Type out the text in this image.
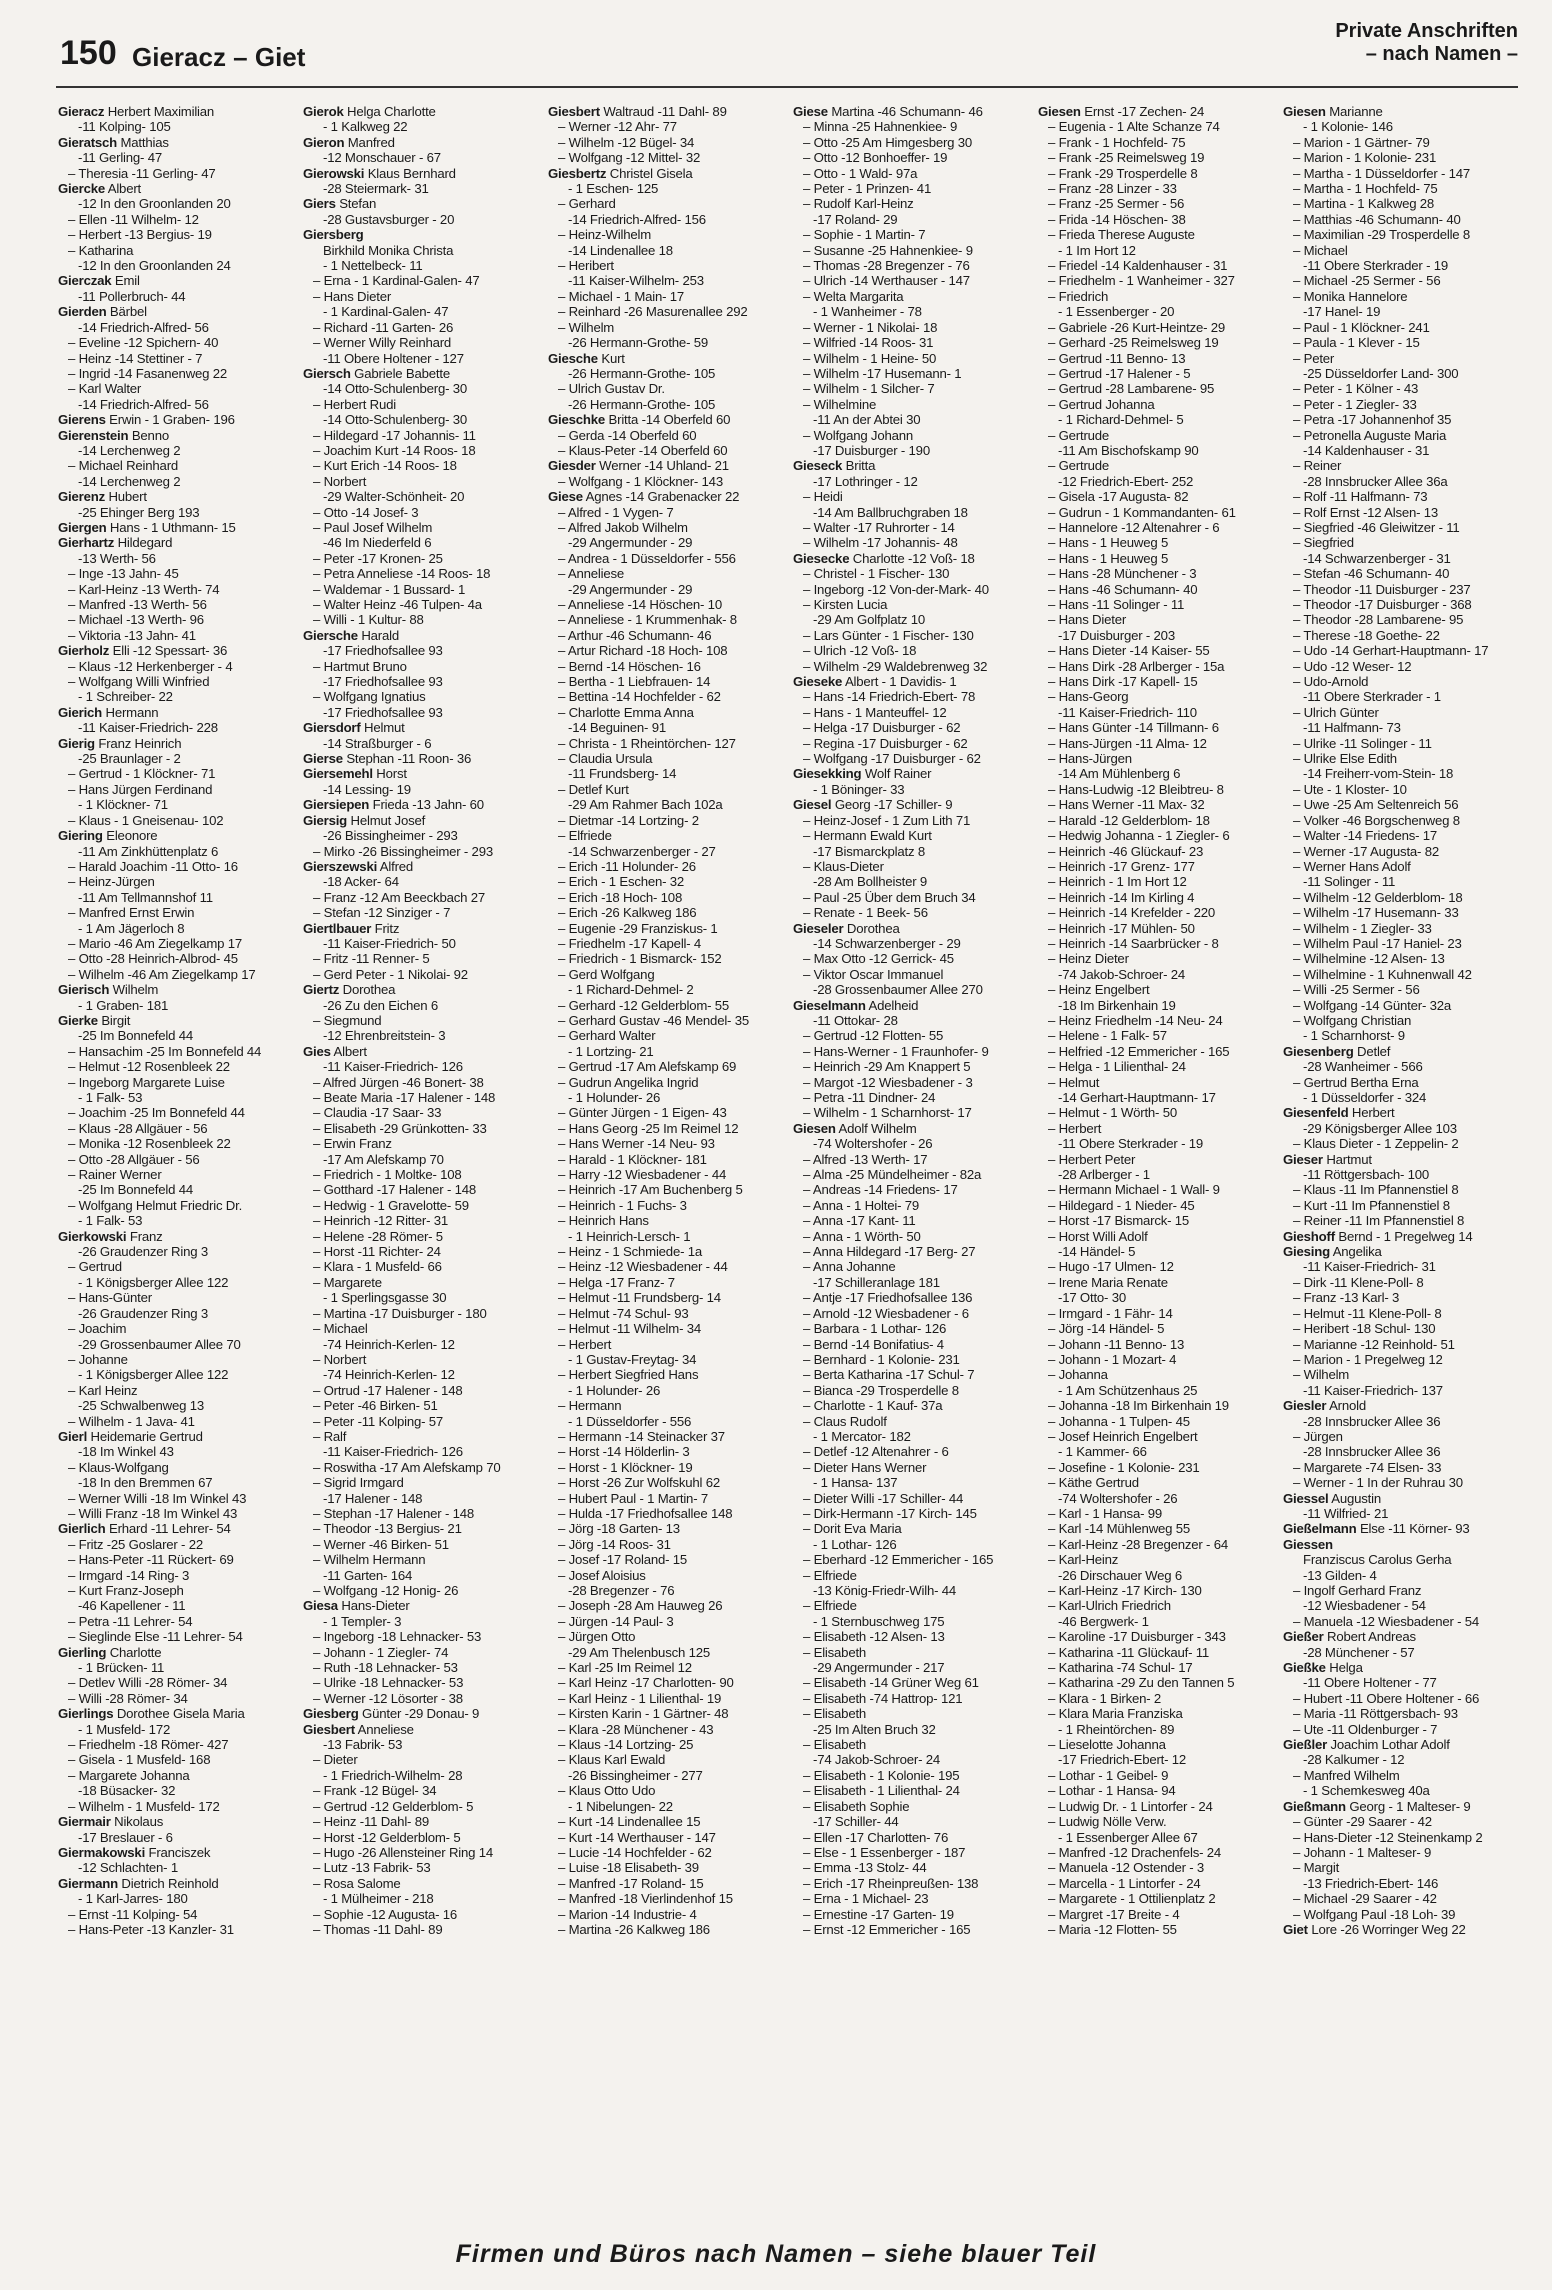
150 Gieracz – Giet
Private Anschriften
– nach Namen –
Gieracz Herbert Maximilian
-11 Kolping- 105
Gieratsch Matthias
-11 Gerling- 47
– Theresia -11 Gerling- 47
Giercke Albert
-12 In den Groonlanden 20
– Ellen -11 Wilhelm- 12
– Herbert -13 Bergius- 19
– Katharina
-12 In den Groonlanden 24
Gierczak Emil
-11 Pollerbruch- 44
Gierden Bärbel
-14 Friedrich-Alfred- 56
– Eveline -12 Spichern- 40
– Heinz -14 Stettiner - 7
– Ingrid -14 Fasanenweg 22
– Karl Walter
-14 Friedrich-Alfred- 56
Gierens Erwin - 1 Graben- 196
Gierenstein Benno
-14 Lerchenweg 2
– Michael Reinhard
-14 Lerchenweg 2
Gierenz Hubert
-25 Ehinger Berg 193
Giergen Hans - 1 Uthmann- 15
Gierhartz Hildegard
-13 Werth- 56
– Inge -13 Jahn- 45
– Karl-Heinz -13 Werth- 74
– Manfred -13 Werth- 56
– Michael -13 Werth- 96
– Viktoria -13 Jahn- 41
Gierholz Elli -12 Spessart- 36
– Klaus -12 Herkenberger - 4
– Wolfgang Willi Winfried
- 1 Schreiber- 22
Gierich Hermann
-11 Kaiser-Friedrich- 228
Gierig Franz Heinrich
-25 Braunlager - 2
– Gertrud - 1 Klöckner- 71
– Hans Jürgen Ferdinand
- 1 Klöckner- 71
– Klaus - 1 Gneisenau- 102
Giering Eleonore
-11 Am Zinkhüttenplatz 6
– Harald Joachim -11 Otto- 16
– Heinz-Jürgen
-11 Am Tellmannshof 11
– Manfred Ernst Erwin
- 1 Am Jägerloch 8
– Mario -46 Am Ziegelkamp 17
– Otto -28 Heinrich-Albrod- 45
– Wilhelm -46 Am Ziegelkamp 17
Gierisch Wilhelm
- 1 Graben- 181
Gierke Birgit
-25 Im Bonnefeld 44
– Hansachim -25 Im Bonnefeld 44
– Helmut -12 Rosenbleek 22
– Ingeborg Margarete Luise
- 1 Falk- 53
– Joachim -25 Im Bonnefeld 44
– Klaus -28 Allgäuer - 56
– Monika -12 Rosenbleek 22
– Otto -28 Allgäuer - 56
– Rainer Werner
-25 Im Bonnefeld 44
– Wolfgang Helmut Friedric Dr.
- 1 Falk- 53
Gierkowski Franz
-26 Graudenzer Ring 3
– Gertrud
- 1 Königsberger Allee 122
– Hans-Günter
-26 Graudenzer Ring 3
– Joachim
-29 Grossenbaumer Allee 70
– Johanne
- 1 Königsberger Allee 122
– Karl Heinz
-25 Schwalbenweg 13
– Wilhelm - 1 Java- 41
Gierl Heidemarie Gertrud
-18 Im Winkel 43
– Klaus-Wolfgang
-18 In den Bremmen 67
– Werner Willi -18 Im Winkel 43
– Willi Franz -18 Im Winkel 43
Gierlich Erhard -11 Lehrer- 54
– Fritz -25 Goslarer - 22
– Hans-Peter -11 Rückert- 69
– Irmgard -14 Ring- 3
– Kurt Franz-Joseph
-46 Kapellener - 11
– Petra -11 Lehrer- 54
– Sieglinde Else -11 Lehrer- 54
Gierling Charlotte
- 1 Brücken- 11
– Detlev Willi -28 Römer- 34
– Willi -28 Römer- 34
Gierlings Dorothee Gisela Maria
- 1 Musfeld- 172
– Friedhelm -18 Römer- 427
– Gisela - 1 Musfeld- 168
– Margarete Johanna
-18 Büsacker- 32
– Wilhelm - 1 Musfeld- 172
Giermair Nikolaus
-17 Breslauer - 6
Giermakowski Franciszek
-12 Schlachten- 1
Giermann Dietrich Reinhold
- 1 Karl-Jarres- 180
– Ernst -11 Kolping- 54
– Hans-Peter -13 Kanzler- 31
Gierok Helga Charlotte
- 1 Kalkweg 22
Gieron Manfred
-12 Monschauer - 67
Gierowski Klaus Bernhard
-28 Steiermark- 31
Giers Stefan
-28 Gustavsburger - 20
Giersberg
Birkhild Monika Christa
- 1 Nettelbeck- 11
– Erna - 1 Kardinal-Galen- 47
– Hans Dieter
- 1 Kardinal-Galen- 47
– Richard -11 Garten- 26
– Werner Willy Reinhard
-11 Obere Holtener - 127
Giersch Gabriele Babette
-14 Otto-Schulenberg- 30
– Herbert Rudi
-14 Otto-Schulenberg- 30
– Hildegard -17 Johannis- 11
– Joachim Kurt -14 Roos- 18
– Kurt Erich -14 Roos- 18
– Norbert
-29 Walter-Schönheit- 20
– Otto -14 Josef- 3
– Paul Josef Wilhelm
-46 Im Niederfeld 6
– Peter -17 Kronen- 25
– Petra Anneliese -14 Roos- 18
– Waldemar - 1 Bussard- 1
– Walter Heinz -46 Tulpen- 4a
– Willi - 1 Kultur- 88
Giersche Harald
-17 Friedhofsallee 93
– Hartmut Bruno
-17 Friedhofsallee 93
– Wolfgang Ignatius
-17 Friedhofsallee 93
Giersdorf Helmut
-14 Straßburger - 6
Gierse Stephan -11 Roon- 36
Giersemehl Horst
-14 Lessing- 19
Giersiepen Frieda -13 Jahn- 60
Giersig Helmut Josef
-26 Bissingheimer - 293
– Mirko -26 Bissingheimer - 293
Gierszewski Alfred
-18 Acker- 64
– Franz -12 Am Beeckbach 27
– Stefan -12 Sinziger - 7
Giertlbauer Fritz
-11 Kaiser-Friedrich- 50
– Fritz -11 Renner- 5
– Gerd Peter - 1 Nikolai- 92
Giertz Dorothea
-26 Zu den Eichen 6
– Siegmund
-12 Ehrenbreitstein- 3
Gies Albert
-11 Kaiser-Friedrich- 126
– Alfred Jürgen -46 Bonert- 38
– Beate Maria -17 Halener - 148
– Claudia -17 Saar- 33
– Elisabeth -29 Grünkotten- 33
– Erwin Franz
-17 Am Alefskamp 70
– Friedrich - 1 Moltke- 108
– Gotthard -17 Halener - 148
– Hedwig - 1 Gravelotte- 59
– Heinrich -12 Ritter- 31
– Helene -28 Römer- 5
– Horst -11 Richter- 24
– Klara - 1 Musfeld- 66
– Margarete
- 1 Sperlingsgasse 30
– Martina -17 Duisburger - 180
– Michael
-74 Heinrich-Kerlen- 12
– Norbert
-74 Heinrich-Kerlen- 12
– Ortrud -17 Halener - 148
– Peter -46 Birken- 51
– Peter -11 Kolping- 57
– Ralf
-11 Kaiser-Friedrich- 126
– Roswitha -17 Am Alefskamp 70
– Sigrid Irmgard
-17 Halener - 148
– Stephan -17 Halener - 148
– Theodor -13 Bergius- 21
– Werner -46 Birken- 51
– Wilhelm Hermann
-11 Garten- 164
– Wolfgang -12 Honig- 26
Giesa Hans-Dieter
- 1 Templer- 3
– Ingeborg -18 Lehnacker- 53
– Johann - 1 Ziegler- 74
– Ruth -18 Lehnacker- 53
– Ulrike -18 Lehnacker- 53
– Werner -12 Lösorter - 38
Giesberg Günter -29 Donau- 9
Giesbert Anneliese
-13 Fabrik- 53
– Dieter
- 1 Friedrich-Wilhelm- 28
– Frank -12 Bügel- 34
– Gertrud -12 Gelderblom- 5
– Heinz -11 Dahl- 89
– Horst -12 Gelderblom- 5
– Hugo -26 Allensteiner Ring 14
– Lutz -13 Fabrik- 53
– Rosa Salome
- 1 Mülheimer - 218
– Sophie -12 Augusta- 16
– Thomas -11 Dahl- 89
Giesbert Waltraud -11 Dahl- 89
– Werner -12 Ahr- 77
– Wilhelm -12 Bügel- 34
– Wolfgang -12 Mittel- 32
Giesbertz Christel Gisela
- 1 Eschen- 125
– Gerhard
-14 Friedrich-Alfred- 156
– Heinz-Wilhelm
-14 Lindenallee 18
– Heribert
-11 Kaiser-Wilhelm- 253
– Michael - 1 Main- 17
– Reinhard -26 Masurenallee 292
– Wilhelm
-26 Hermann-Grothe- 59
Giesche Kurt
-26 Hermann-Grothe- 105
– Ulrich Gustav Dr.
-26 Hermann-Grothe- 105
Gieschke Britta -14 Oberfeld 60
– Gerda -14 Oberfeld 60
– Klaus-Peter -14 Oberfeld 60
Giesder Werner -14 Uhland- 21
– Wolfgang - 1 Klöckner- 143
Giese Agnes -14 Grabenacker 22
– Alfred - 1 Vygen- 7
– Alfred Jakob Wilhelm
-29 Angermunder - 29
– Andrea - 1 Düsseldorfer - 556
– Anneliese
-29 Angermunder - 29
– Anneliese -14 Höschen- 10
– Anneliese - 1 Krummenhak- 8
– Arthur -46 Schumann- 46
– Artur Richard -18 Hoch- 108
– Bernd -14 Höschen- 16
– Bertha - 1 Liebfrauen- 14
– Bettina -14 Hochfelder - 62
– Charlotte Emma Anna
-14 Beguinen- 91
– Christa - 1 Rheintörchen- 127
– Claudia Ursula
-11 Frundsberg- 14
– Detlef Kurt
-29 Am Rahmer Bach 102a
– Dietmar -14 Lortzing- 2
– Elfriede
-14 Schwarzenberger - 27
– Erich -11 Holunder- 26
– Erich - 1 Eschen- 32
– Erich -18 Hoch- 108
– Erich -26 Kalkweg 186
– Eugenie -29 Franziskus- 1
– Friedhelm -17 Kapell- 4
– Friedrich - 1 Bismarck- 152
– Gerd Wolfgang
- 1 Richard-Dehmel- 2
– Gerhard -12 Gelderblom- 55
– Gerhard Gustav -46 Mendel- 35
– Gerhard Walter
- 1 Lortzing- 21
– Gertrud -17 Am Alefskamp 69
– Gudrun Angelika Ingrid
- 1 Holunder- 26
– Günter Jürgen - 1 Eigen- 43
– Hans Georg -25 Im Reimel 12
– Hans Werner -14 Neu- 93
– Harald - 1 Klöckner- 181
– Harry -12 Wiesbadener - 44
– Heinrich -17 Am Buchenberg 5
– Heinrich - 1 Fuchs- 3
– Heinrich Hans
- 1 Heinrich-Lersch- 1
– Heinz - 1 Schmiede- 1a
– Heinz -12 Wiesbadener - 44
– Helga -17 Franz- 7
– Helmut -11 Frundsberg- 14
– Helmut -74 Schul- 93
– Helmut -11 Wilhelm- 34
– Herbert
- 1 Gustav-Freytag- 34
– Herbert Siegfried Hans
- 1 Holunder- 26
– Hermann
- 1 Düsseldorfer - 556
– Hermann -14 Steinacker 37
– Horst -14 Hölderlin- 3
– Horst - 1 Klöckner- 19
– Horst -26 Zur Wolfskuhl 62
– Hubert Paul - 1 Martin- 7
– Hulda -17 Friedhofsallee 148
– Jörg -18 Garten- 13
– Jörg -14 Roos- 31
– Josef -17 Roland- 15
– Josef Aloisius
-28 Bregenzer - 76
– Joseph -28 Am Hauweg 26
– Jürgen -14 Paul- 3
– Jürgen Otto
-29 Am Thelenbusch 125
– Karl -25 Im Reimel 12
– Karl Heinz -17 Charlotten- 90
– Karl Heinz - 1 Lilienthal- 19
– Kirsten Karin - 1 Gärtner- 48
– Klara -28 Münchener - 43
– Klaus -14 Lortzing- 25
– Klaus Karl Ewald
-26 Bissingheimer - 277
– Klaus Otto Udo
- 1 Nibelungen- 22
– Kurt -14 Lindenallee 15
– Kurt -14 Werthauser - 147
– Lucie -14 Hochfelder - 62
– Luise -18 Elisabeth- 39
– Manfred -17 Roland- 15
– Manfred -18 Vierlindenhof 15
– Marion -14 Industrie- 4
– Martina -26 Kalkweg 186
Giese Martina -46 Schumann- 46
– Minna -25 Hahnenkiee- 9
– Otto -25 Am Himgesberg 30
– Otto -12 Bonhoeffer- 19
– Otto - 1 Wald- 97a
– Peter - 1 Prinzen- 41
– Rudolf Karl-Heinz
-17 Roland- 29
– Sophie - 1 Martin- 7
– Susanne -25 Hahnenkiee- 9
– Thomas -28 Bregenzer - 76
– Ulrich -14 Werthauser - 147
– Welta Margarita
- 1 Wanheimer - 78
– Werner - 1 Nikolai- 18
– Wilfried -14 Roos- 31
– Wilhelm - 1 Heine- 50
– Wilhelm -17 Husemann- 1
– Wilhelm - 1 Silcher- 7
– Wilhelmine
-11 An der Abtei 30
– Wolfgang Johann
-17 Duisburger - 190
Gieseck Britta
-17 Lothringer - 12
– Heidi
-14 Am Ballbruchgraben 18
– Walter -17 Ruhrorter - 14
– Wilhelm -17 Johannis- 48
Giesecke Charlotte -12 Voß- 18
– Christel - 1 Fischer- 130
– Ingeborg -12 Von-der-Mark- 40
– Kirsten Lucia
-29 Am Golfplatz 10
– Lars Günter - 1 Fischer- 130
– Ulrich -12 Voß- 18
– Wilhelm -29 Waldebrenweg 32
Gieseke Albert - 1 Davidis- 1
– Hans -14 Friedrich-Ebert- 78
– Hans - 1 Manteuffel- 12
– Helga -17 Duisburger - 62
– Regina -17 Duisburger - 62
– Wolfgang -17 Duisburger - 62
Giesekking Wolf Rainer
- 1 Böninger- 33
Giesel Georg -17 Schiller- 9
– Heinz-Josef - 1 Zum Lith 71
– Hermann Ewald Kurt
-17 Bismarckplatz 8
– Klaus-Dieter
-28 Am Bollheister 9
– Paul -25 Über dem Bruch 34
– Renate - 1 Beek- 56
Gieseler Dorothea
-14 Schwarzenberger - 29
– Max Otto -12 Gerrick- 45
– Viktor Oscar Immanuel
-28 Grossenbaumer Allee 270
Gieselmann Adelheid
-11 Ottokar- 28
– Gertrud -12 Flotten- 55
– Hans-Werner - 1 Fraunhofer- 9
– Heinrich -29 Am Knappert 5
– Margot -12 Wiesbadener - 3
– Petra -11 Dindner- 24
– Wilhelm - 1 Scharnhorst- 17
Giesen Adolf Wilhelm
-74 Woltershofer - 26
– Alfred -13 Werth- 17
– Alma -25 Mündelheimer - 82a
– Andreas -14 Friedens- 17
– Anna - 1 Holtei- 79
– Anna -17 Kant- 11
– Anna - 1 Wörth- 50
– Anna Hildegard -17 Berg- 27
– Anna Johanne
-17 Schilleranlage 181
– Antje -17 Friedhofsallee 136
– Arnold -12 Wiesbadener - 6
– Barbara - 1 Lothar- 126
– Bernd -14 Bonifatius- 4
– Bernhard - 1 Kolonie- 231
– Berta Katharina -17 Schul- 7
– Bianca -29 Trosperdelle 8
– Charlotte - 1 Kauf- 37a
– Claus Rudolf
- 1 Mercator- 182
– Detlef -12 Altenahrer - 6
– Dieter Hans Werner
- 1 Hansa- 137
– Dieter Willi -17 Schiller- 44
– Dirk-Hermann -17 Kirch- 145
– Dorit Eva Maria
- 1 Lothar- 126
– Eberhard -12 Emmericher - 165
– Elfriede
-13 König-Friedr-Wilh- 44
– Elfriede
- 1 Sternbuschweg 175
– Elisabeth -12 Alsen- 13
– Elisabeth
-29 Angermunder - 217
– Elisabeth -14 Grüner Weg 61
– Elisabeth -74 Hattrop- 121
– Elisabeth
-25 Im Alten Bruch 32
– Elisabeth
-74 Jakob-Schroer- 24
– Elisabeth - 1 Kolonie- 195
– Elisabeth - 1 Lilienthal- 24
– Elisabeth Sophie
-17 Schiller- 44
– Ellen -17 Charlotten- 76
– Else - 1 Essenberger - 187
– Emma -13 Stolz- 44
– Erich -17 Rheinpreußen- 138
– Erna - 1 Michael- 23
– Ernestine -17 Garten- 19
– Ernst -12 Emmericher - 165
Giesen Ernst -17 Zechen- 24
– Eugenia - 1 Alte Schanze 74
– Frank - 1 Hochfeld- 75
– Frank -25 Reimelsweg 19
– Frank -29 Trosperdelle 8
– Franz -28 Linzer - 33
– Franz -25 Sermer - 56
– Frida -14 Höschen- 38
– Frieda Therese Auguste
- 1 Im Hort 12
– Friedel -14 Kaldenhauser - 31
– Friedhelm - 1 Wanheimer - 327
– Friedrich
- 1 Essenberger - 20
– Gabriele -26 Kurt-Heintze- 29
– Gerhard -25 Reimelsweg 19
– Gertrud -11 Benno- 13
– Gertrud -17 Halener - 5
– Gertrud -28 Lambarene- 95
– Gertrud Johanna
- 1 Richard-Dehmel- 5
– Gertrude
-11 Am Bischofskamp 90
– Gertrude
-12 Friedrich-Ebert- 252
– Gisela -17 Augusta- 82
– Gudrun - 1 Kommandanten- 61
– Hannelore -12 Altenahrer - 6
– Hans - 1 Heuweg 5
– Hans - 1 Heuweg 5
– Hans -28 Münchener - 3
– Hans -46 Schumann- 40
– Hans -11 Solinger - 11
– Hans Dieter
-17 Duisburger - 203
– Hans Dieter -14 Kaiser- 55
– Hans Dirk -28 Arlberger - 15a
– Hans Dirk -17 Kapell- 15
– Hans-Georg
-11 Kaiser-Friedrich- 110
– Hans Günter -14 Tillmann- 6
– Hans-Jürgen -11 Alma- 12
– Hans-Jürgen
-14 Am Mühlenberg 6
– Hans-Ludwig -12 Bleibtreu- 8
– Hans Werner -11 Max- 32
– Harald -12 Gelderblom- 18
– Hedwig Johanna - 1 Ziegler- 6
– Heinrich -46 Glückauf- 23
– Heinrich -17 Grenz- 177
– Heinrich - 1 Im Hort 12
– Heinrich -14 Im Kirling 4
– Heinrich -14 Krefelder - 220
– Heinrich -17 Mühlen- 50
– Heinrich -14 Saarbrücker - 8
– Heinz Dieter
-74 Jakob-Schroer- 24
– Heinz Engelbert
-18 Im Birkenhain 19
– Heinz Friedhelm -14 Neu- 24
– Helene - 1 Falk- 57
– Helfried -12 Emmericher - 165
– Helga - 1 Lilienthal- 24
– Helmut
-14 Gerhart-Hauptmann- 17
– Helmut - 1 Wörth- 50
– Herbert
-11 Obere Sterkrader - 19
– Herbert Peter
-28 Arlberger - 1
– Hermann Michael - 1 Wall- 9
– Hildegard - 1 Nieder- 45
– Horst -17 Bismarck- 15
– Horst Willi Adolf
-14 Händel- 5
– Hugo -17 Ulmen- 12
– Irene Maria Renate
-17 Otto- 30
– Irmgard - 1 Fähr- 14
– Jörg -14 Händel- 5
– Johann -11 Benno- 13
– Johann - 1 Mozart- 4
– Johanna
- 1 Am Schützenhaus 25
– Johanna -18 Im Birkenhain 19
– Johanna - 1 Tulpen- 45
– Josef Heinrich Engelbert
- 1 Kammer- 66
– Josefine - 1 Kolonie- 231
– Käthe Gertrud
-74 Woltershofer - 26
– Karl - 1 Hansa- 99
– Karl -14 Mühlenweg 55
– Karl-Heinz -28 Bregenzer - 64
– Karl-Heinz
-26 Dirschauer Weg 6
– Karl-Heinz -17 Kirch- 130
– Karl-Ulrich Friedrich
-46 Bergwerk- 1
– Karoline -17 Duisburger - 343
– Katharina -11 Glückauf- 11
– Katharina -74 Schul- 17
– Katharina -29 Zu den Tannen 5
– Klara - 1 Birken- 2
– Klara Maria Franziska
- 1 Rheintörchen- 89
– Lieselotte Johanna
-17 Friedrich-Ebert- 12
– Lothar - 1 Geibel- 9
– Lothar - 1 Hansa- 94
– Ludwig Dr. - 1 Lintorfer - 24
– Ludwig Nölle Verw.
- 1 Essenberger Allee 67
– Manfred -12 Drachenfels- 24
– Manuela -12 Ostender - 3
– Marcella - 1 Lintorfer - 24
– Margarete - 1 Ottilienplatz 2
– Margret -17 Breite - 4
– Maria -12 Flotten- 55
Giesen Marianne
- 1 Kolonie- 146
– Marion - 1 Gärtner- 79
– Marion - 1 Kolonie- 231
– Martha - 1 Düsseldorfer - 147
– Martha - 1 Hochfeld- 75
– Martina - 1 Kalkweg 28
– Matthias -46 Schumann- 40
– Maximilian -29 Trosperdelle 8
– Michael
-11 Obere Sterkrader - 19
– Michael -25 Sermer - 56
– Monika Hannelore
-17 Hanel- 19
– Paul - 1 Klöckner- 241
– Paula - 1 Klever - 15
– Peter
-25 Düsseldorfer Land- 300
– Peter - 1 Kölner - 43
– Peter - 1 Ziegler- 33
– Petra -17 Johannenhof 35
– Petronella Auguste Maria
-14 Kaldenhauser - 31
– Reiner
-28 Innsbrucker Allee 36a
– Rolf -11 Halfmann- 73
– Rolf Ernst -12 Alsen- 13
– Siegfried -46 Gleiwitzer - 11
– Siegfried
-14 Schwarzenberger - 31
– Stefan -46 Schumann- 40
– Theodor -11 Duisburger - 237
– Theodor -17 Duisburger - 368
– Theodor -28 Lambarene- 95
– Therese -18 Goethe- 22
– Udo -14 Gerhart-Hauptmann- 17
– Udo -12 Weser- 12
– Udo-Arnold
-11 Obere Sterkrader - 1
– Ulrich Günter
-11 Halfmann- 73
– Ulrike -11 Solinger - 11
– Ulrike Else Edith
-14 Freiherr-vom-Stein- 18
– Ute - 1 Kloster- 10
– Uwe -25 Am Seltenreich 56
– Volker -46 Borgschenweg 8
– Walter -14 Friedens- 17
– Werner -17 Augusta- 82
– Werner Hans Adolf
-11 Solinger - 11
– Wilhelm -12 Gelderblom- 18
– Wilhelm -17 Husemann- 33
– Wilhelm - 1 Ziegler- 33
– Wilhelm Paul -17 Haniel- 23
– Wilhelmine -12 Alsen- 13
– Wilhelmine - 1 Kuhnenwall 42
– Willi -25 Sermer - 56
– Wolfgang -14 Günter- 32a
– Wolfgang Christian
- 1 Scharnhorst- 9
Giesenberg Detlef
-28 Wanheimer - 566
– Gertrud Bertha Erna
- 1 Düsseldorfer - 324
Giesenfeld Herbert
-29 Königsberger Allee 103
– Klaus Dieter - 1 Zeppelin- 2
Gieser Hartmut
-11 Röttgersbach- 100
– Klaus -11 Im Pfannenstiel 8
– Kurt -11 Im Pfannenstiel 8
– Reiner -11 Im Pfannenstiel 8
Gieshoff Bernd - 1 Pregelweg 14
Giesing Angelika
-11 Kaiser-Friedrich- 31
– Dirk -11 Klene-Poll- 8
– Franz -13 Karl- 3
– Helmut -11 Klene-Poll- 8
– Heribert -18 Schul- 130
– Marianne -12 Reinhold- 51
– Marion - 1 Pregelweg 12
– Wilhelm
-11 Kaiser-Friedrich- 137
Giesler Arnold
-28 Innsbrucker Allee 36
– Jürgen
-28 Innsbrucker Allee 36
– Margarete -74 Elsen- 33
– Werner - 1 In der Ruhrau 30
Giessel Augustin
-11 Wilfried- 21
Gießelmann Else -11 Körner- 93
Giessen
Franziscus Carolus Gerha
-13 Gilden- 4
– Ingolf Gerhard Franz
-12 Wiesbadener - 54
– Manuela -12 Wiesbadener - 54
Gießer Robert Andreas
-28 Münchener - 57
Gießke Helga
-11 Obere Holtener - 77
– Hubert -11 Obere Holtener - 66
– Maria -11 Röttgersbach- 93
– Ute -11 Oldenburger - 7
Gießler Joachim Lothar Adolf
-28 Kalkumer - 12
– Manfred Wilhelm
- 1 Schemkesweg 40a
Gießmann Georg - 1 Malteser- 9
– Günter -29 Saarer - 42
– Hans-Dieter -12 Steinenkamp 2
– Johann - 1 Malteser- 9
– Margit
-13 Friedrich-Ebert- 146
– Michael -29 Saarer - 42
– Wolfgang Paul -18 Loh- 39
Giet Lore -26 Worringer Weg 22
Firmen und Büros nach Namen – siehe blauer Teil
